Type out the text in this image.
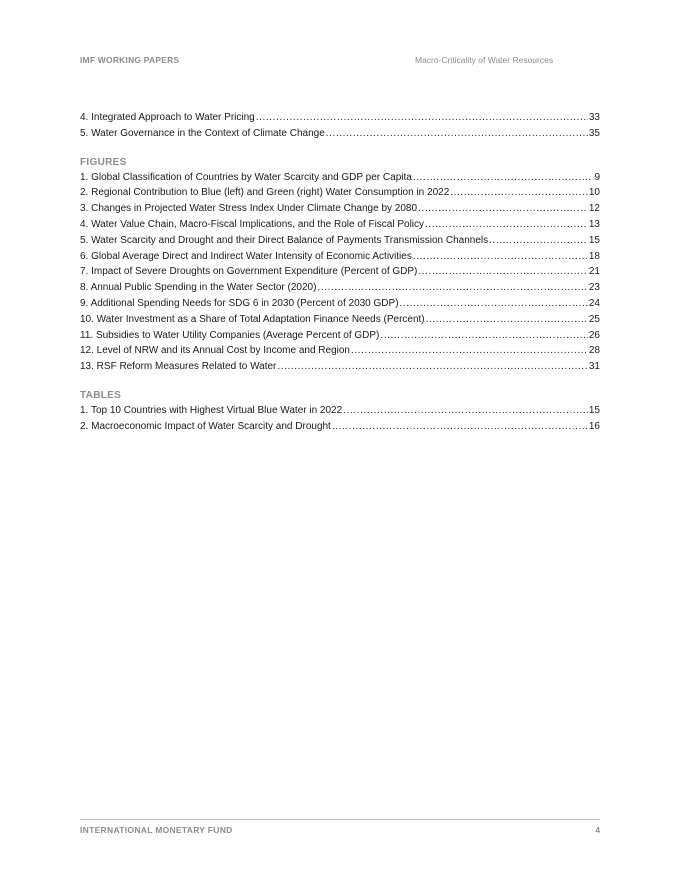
IMF WORKING PAPERS	Macro-Criticality of Water Resources
4. Integrated Approach to Water Pricing .....	33
5. Water Governance in the Context of Climate Change .....	35
FIGURES
1. Global Classification of Countries by Water Scarcity and GDP per Capita .....	9
2. Regional Contribution to Blue (left) and Green (right) Water Consumption in 2022 .....	10
3. Changes in Projected Water Stress Index Under Climate Change by 2080 .....	12
4. Water Value Chain, Macro-Fiscal Implications, and the Role of Fiscal Policy .....	13
5. Water Scarcity and Drought and their Direct Balance of Payments Transmission Channels .....	15
6. Global Average Direct and Indirect Water Intensity of Economic Activities .....	18
7. Impact of Severe Droughts on Government Expenditure (Percent of GDP) .....	21
8. Annual Public Spending in the Water Sector (2020) .....	23
9. Additional Spending Needs for SDG 6 in 2030 (Percent of 2030 GDP) .....	24
10. Water Investment as a Share of Total Adaptation Finance Needs (Percent) .....	25
11. Subsidies to Water Utility Companies (Average Percent of GDP) .....	26
12. Level of NRW and its Annual Cost by Income and Region .....	28
13. RSF Reform Measures Related to Water .....	31
TABLES
1. Top 10 Countries with Highest Virtual Blue Water in 2022 .....	15
2. Macroeconomic Impact of Water Scarcity and Drought .....	16
INTERNATIONAL MONETARY FUND	4
